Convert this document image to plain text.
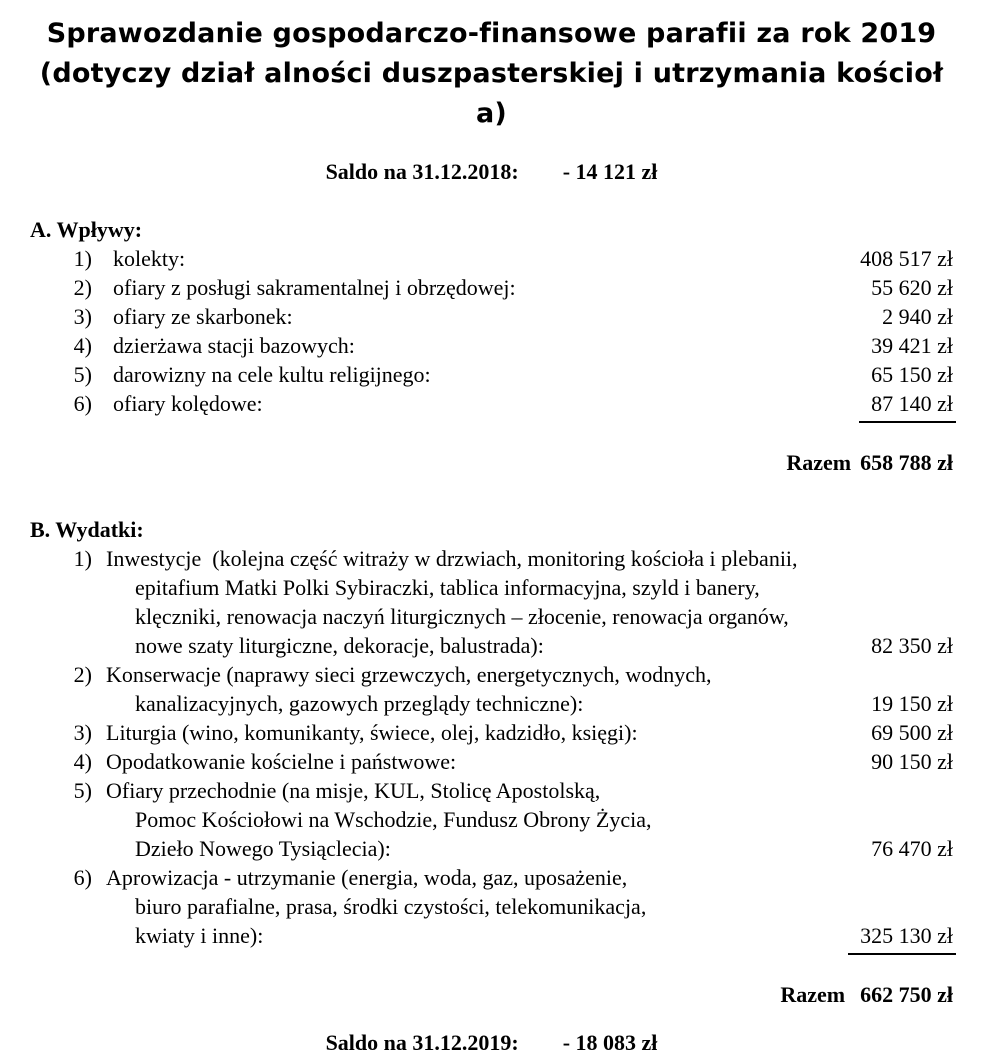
Sprawozdanie gospodarczo-finansowe parafii za rok 2019
(dotyczy dział alności duszpasterskiej i utrzymania kościoł a)
Saldo na 31.12.2018: - 14 121 zł
A. Wpływy:
1) kolekty:	408 517 zł
2) ofiary z posługi sakramentalnej i obrzędowej:	55 620 zł
3) ofiary ze skarbonek:	2 940 zł
4) dzierżawa stacji bazowych:	39 421 zł
5) darowizny na cele kultu religijnego:	65 150 zł
6) ofiary kolędowe:	87 140 zł
Razem 658 788 zł
B. Wydatki:
1) Inwestycje  (kolejna część witraży w drzwiach, monitoring kościoła i plebanii,
epitafium Matki Polki Sybiraczki, tablica informacyjna, szyld i banery,
klęczniki, renowacja naczyń liturgicznych – złocenie, renowacja organów,
nowe szaty liturgiczne, dekoracje, balustrada):	82 350 zł
2) Konserwacje (naprawy sieci grzewczych, energetycznych, wodnych,
kanalizacyjnych, gazowych przeglądy techniczne):	19 150 zł
3) Liturgia (wino, komunikanty, świece, olej, kadzidło, księgi):	69 500 zł
4) Opodatkowanie kościelne i państwowe:	90 150 zł
5) Ofiary przechodnie (na misje, KUL, Stolicę Apostolską,
Pomoc Kościołowi na Wschodzie, Fundusz Obrony Życia,
Dzieło Nowego Tysiąclecia):	76 470 zł
6) Aprowizacja - utrzymanie (energia, woda, gaz, uposażenie,
biuro parafialne, prasa, środki czystości, telekomunikacja,
kwiaty i inne):	325 130 zł
Razem 662 750 zł
Saldo na 31.12.2019: - 18 083 zł
